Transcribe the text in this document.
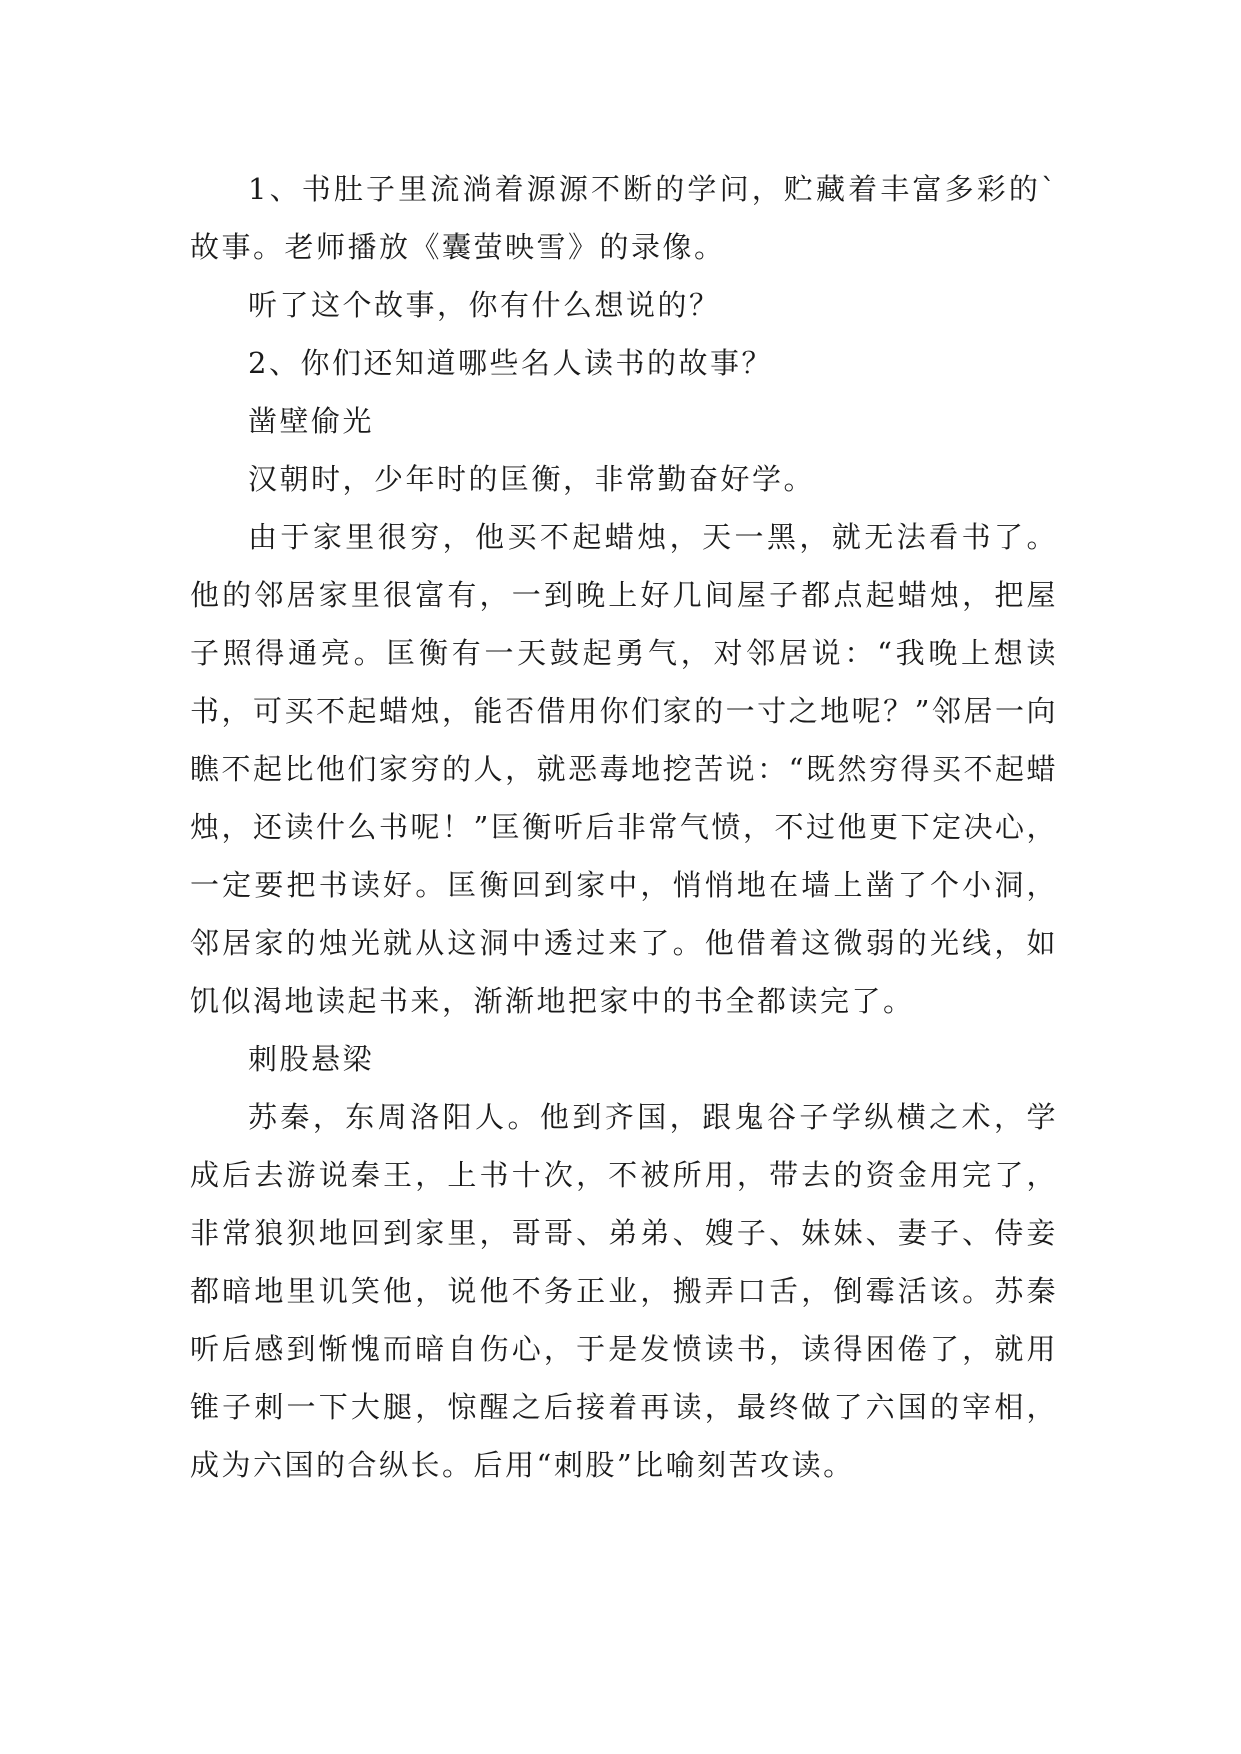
1、书肚子里流淌着源源不断的学问，贮藏着丰富多彩的`故事。老师播放《囊萤映雪》的录像。

听了这个故事，你有什么想说的？

2、你们还知道哪些名人读书的故事？

凿壁偷光

汉朝时，少年时的匡衡，非常勤奋好学。

由于家里很穷，他买不起蜡烛，天一黑，就无法看书了。他的邻居家里很富有，一到晚上好几间屋子都点起蜡烛，把屋子照得通亮。匡衡有一天鼓起勇气，对邻居说：“我晚上想读书，可买不起蜡烛，能否借用你们家的一寸之地呢？”邻居一向瞧不起比他们家穷的人，就恶毒地挖苦说：“既然穷得买不起蜡烛，还读什么书呢！”匡衡听后非常气愤，不过他更下定决心，一定要把书读好。匡衡回到家中，悄悄地在墙上凿了个小洞，邻居家的烛光就从这洞中透过来了。他借着这微弱的光线，如饥似渴地读起书来，渐渐地把家中的书全都读完了。

刺股悬梁

苏秦，东周洛阳人。他到齐国，跟鬼谷子学纵横之术，学成后去游说秦王，上书十次，不被所用，带去的资金用完了，非常狼狈地回到家里，哥哥、弟弟、嫂子、妹妹、妻子、侍妾都暗地里讥笑他，说他不务正业，搬弄口舌，倒霉活该。苏秦听后感到惭愧而暗自伤心，于是发愤读书，读得困倦了，就用锥子刺一下大腿，惊醒之后接着再读，最终做了六国的宰相，成为六国的合纵长。后用“刺股”比喻刻苦攻读。
